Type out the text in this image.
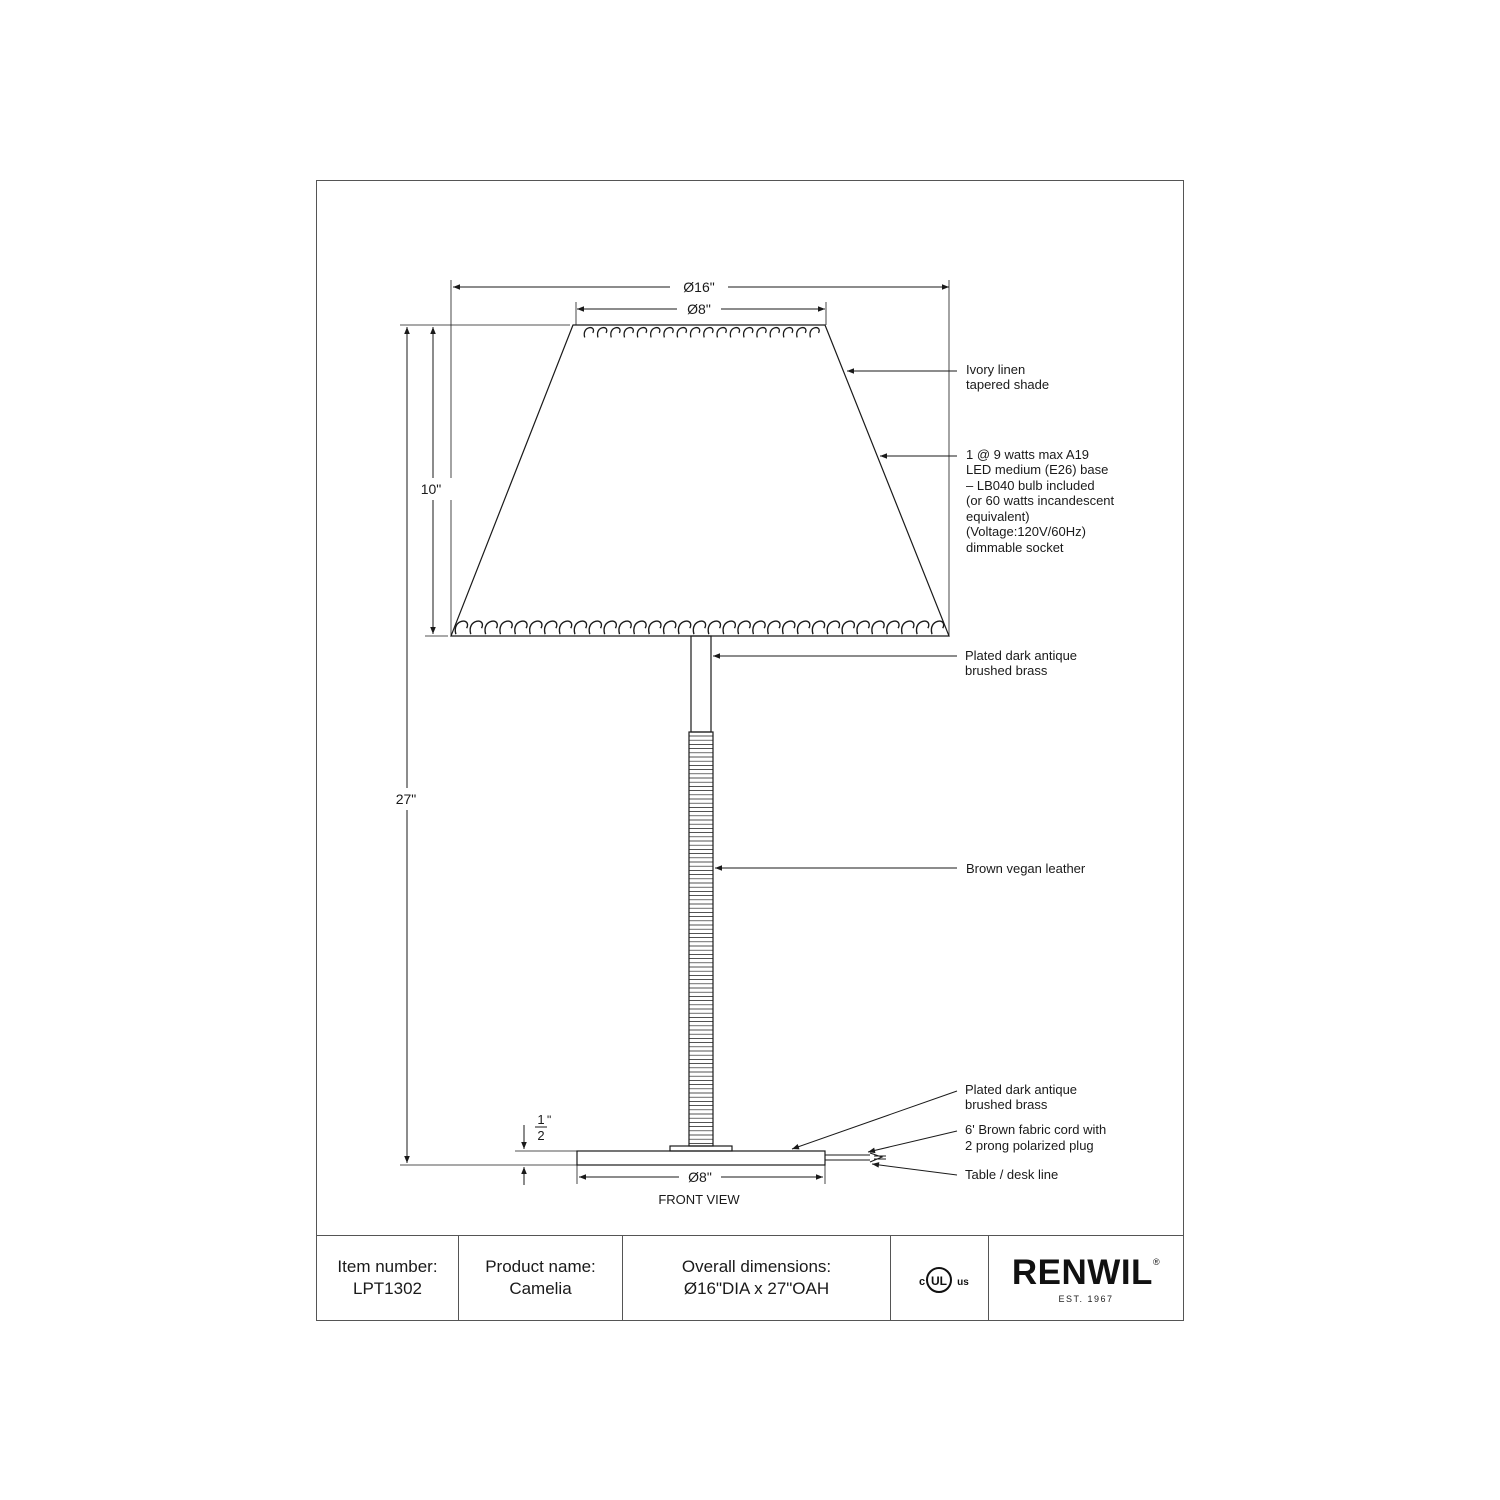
Ø16"
Ø8"
10"
27"
1
2
"
Ø8"
FRONT VIEW
Ivory linen tapered shade
1 @ 9 watts max A19 LED medium (E26) base – LB040 bulb included (or 60 watts incandescent equivalent) (Voltage:120V/60Hz) dimmable socket
Plated dark antique brushed brass
Brown vegan leather
Plated dark antique brushed brass
6' Brown fabric cord with 2 prong polarized plug
Table / desk line
c UL us
Item number:
LPT1302
Product name:
Camelia
Overall dimensions:
Ø16"DIA x 27"OAH	RENWIL®
EST. 1967
